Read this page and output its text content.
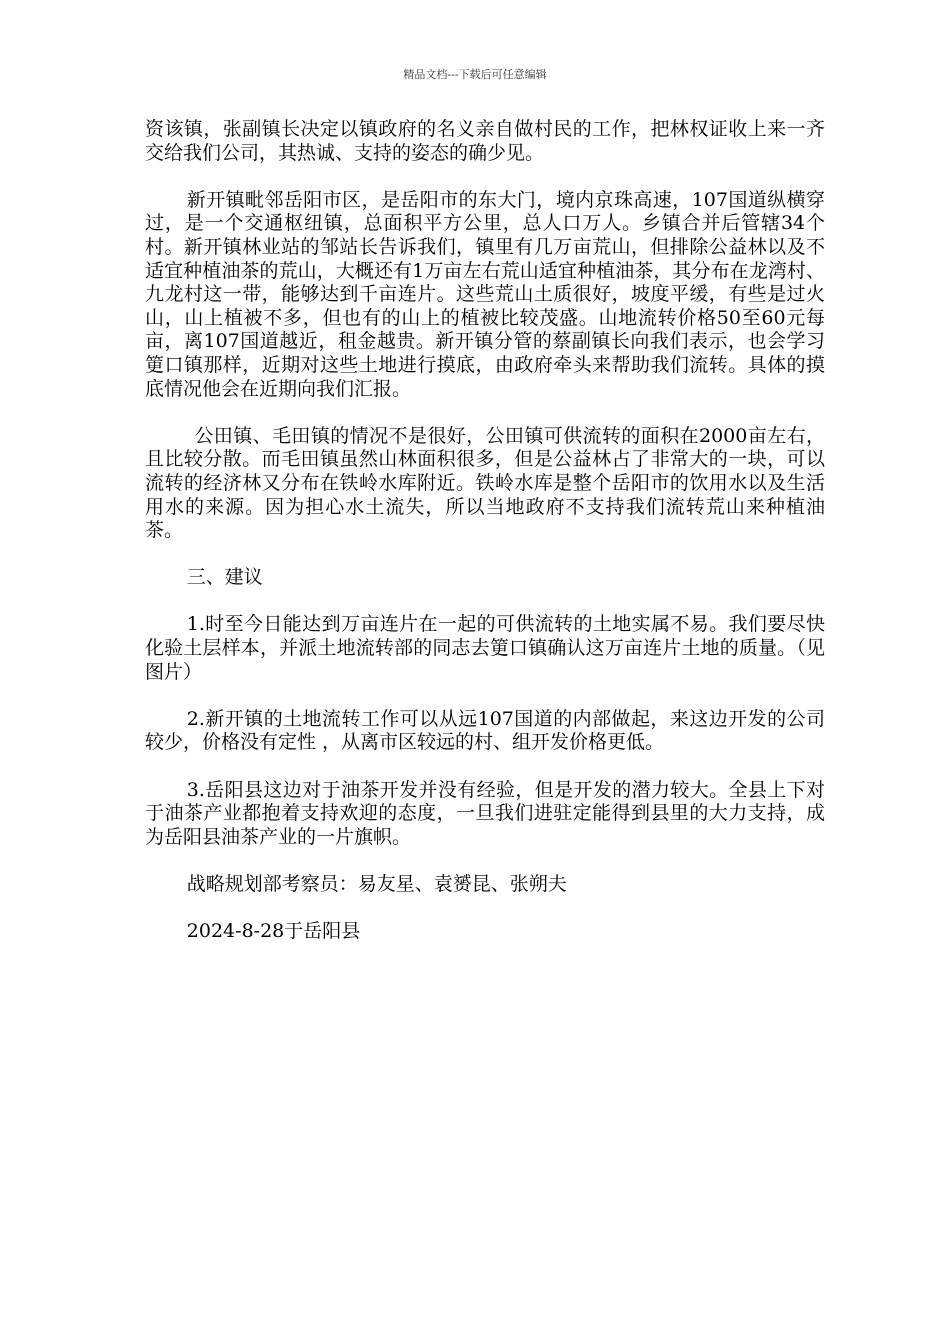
精品文档---下载后可任意编辑

资该镇，张副镇长决定以镇政府的名义亲自做村民的工作，把林权证收上来一齐交给我们公司，其热诚、支持的姿态的确少见。

新开镇毗邻岳阳市区，是岳阳市的东大门，境内京珠高速，107国道纵横穿过，是一个交通枢纽镇，总面积平方公里，总人口万人。乡镇合并后管辖34个村。新开镇林业站的邹站长告诉我们，镇里有几万亩荒山，但排除公益林以及不适宜种植油茶的荒山，大概还有1万亩左右荒山适宜种植油茶，其分布在龙湾村、九龙村这一带，能够达到千亩连片。这些荒山土质很好，坡度平缓，有些是过火山，山上植被不多，但也有的山上的植被比较茂盛。山地流转价格50至60元每亩，离107国道越近，租金越贵。新开镇分管的蔡副镇长向我们表示，也会学习筻口镇那样，近期对这些土地进行摸底，由政府牵头来帮助我们流转。具体的摸底情况他会在近期向我们汇报。

公田镇、毛田镇的情况不是很好，公田镇可供流转的面积在2000亩左右，且比较分散。而毛田镇虽然山林面积很多，但是公益林占了非常大的一块，可以流转的经济林又分布在铁岭水库附近。铁岭水库是整个岳阳市的饮用水以及生活用水的来源。因为担心水土流失，所以当地政府不支持我们流转荒山来种植油茶。

三、建议

1.时至今日能达到万亩连片在一起的可供流转的土地实属不易。我们要尽快化验土层样本，并派土地流转部的同志去筻口镇确认这万亩连片土地的质量。（见图片）

2.新开镇的土地流转工作可以从远107国道的内部做起，来这边开发的公司较少，价格没有定性 ，从离市区较远的村、组开发价格更低。

3.岳阳县这边对于油茶开发并没有经验，但是开发的潜力较大。全县上下对于油茶产业都抱着支持欢迎的态度，一旦我们进驻定能得到县里的大力支持，成为岳阳县油茶产业的一片旗帜。

战略规划部考察员：易友星、袁赟昆、张朔夫

2024-8-28于岳阳县
